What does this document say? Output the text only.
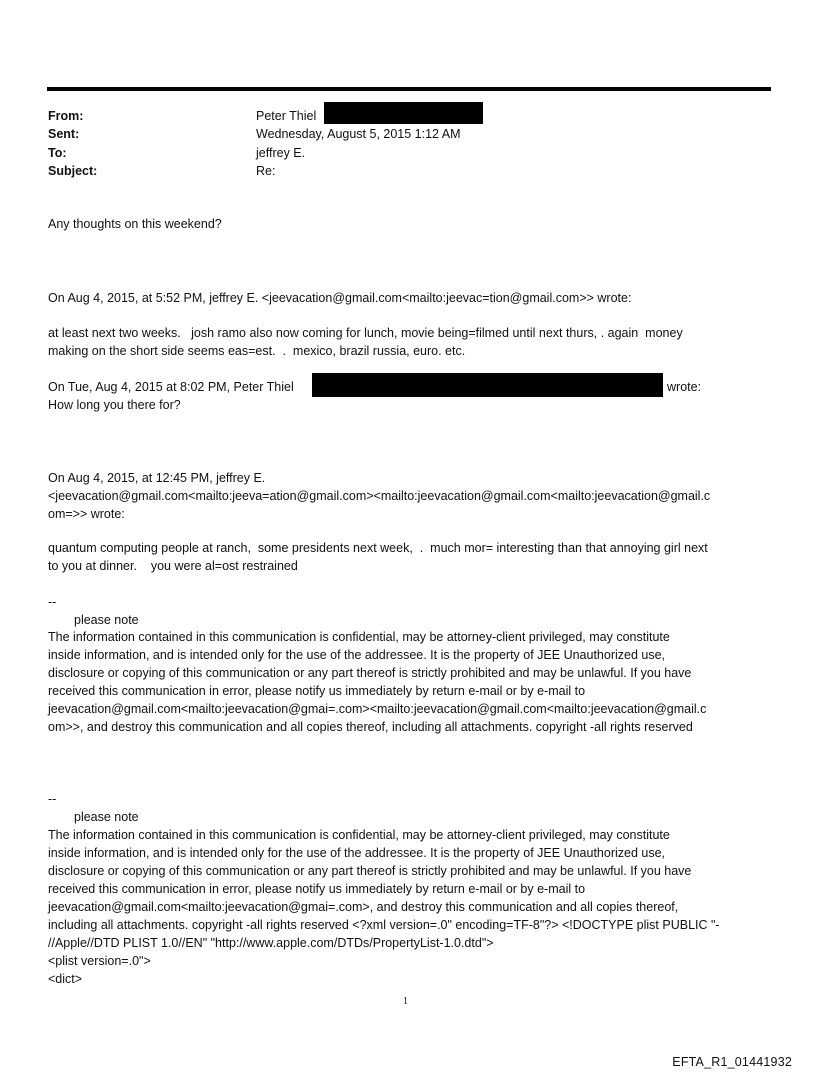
From:	Peter Thiel
Sent:	Wednesday, August 5, 2015 1:12 AM
To:	jeffrey E.
Subject:	Re:
Any thoughts on this weekend?
On Aug 4, 2015, at 5:52 PM, jeffrey E. <jeevacation@gmail.com<mailto:jeevac=tion@gmail.com>> wrote:
at least next two weeks.   josh ramo also now coming for lunch, movie being=filmed until next thurs, . again  money
making on the short side seems eas=est.  .  mexico, brazil russia, euro. etc.
On Tue, Aug 4, 2015 at 8:02 PM, Peter Thiel	wrote:
How long you there for?
On Aug 4, 2015, at 12:45 PM, jeffrey E.
<jeevacation@gmail.com<mailto:jeeva=ation@gmail.com><mailto:jeevacation@gmail.com<mailto:jeevacation@gmail.c
om=>> wrote:
quantum computing people at ranch,  some presidents next week,  .  much mor= interesting than that annoying girl next
to you at dinner.    you were al=ost restrained
--
please note
The information contained in this communication is confidential, may be attorney-client privileged, may constitute
inside information, and is intended only for the use of the addressee. It is the property of JEE Unauthorized use,
disclosure or copying of this communication or any part thereof is strictly prohibited and may be unlawful. If you have
received this communication in error, please notify us immediately by return e-mail or by e-mail to
jeevacation@gmail.com<mailto:jeevacation@gmai=.com><mailto:jeevacation@gmail.com<mailto:jeevacation@gmail.c
om>>, and destroy this communication and all copies thereof, including all attachments. copyright -all rights reserved
--
please note
The information contained in this communication is confidential, may be attorney-client privileged, may constitute
inside information, and is intended only for the use of the addressee. It is the property of JEE Unauthorized use,
disclosure or copying of this communication or any part thereof is strictly prohibited and may be unlawful. If you have
received this communication in error, please notify us immediately by return e-mail or by e-mail to
jeevacation@gmail.com<mailto:jeevacation@gmai=.com>, and destroy this communication and all copies thereof,
including all attachments. copyright -all rights reserved <?xml version=.0" encoding=TF-8"?> <!DOCTYPE plist PUBLIC "-
//Apple//DTD PLIST 1.0//EN" "http://www.apple.com/DTDs/PropertyList-1.0.dtd">
<plist version=.0">
<dict>
1
EFTA_R1_01441932
